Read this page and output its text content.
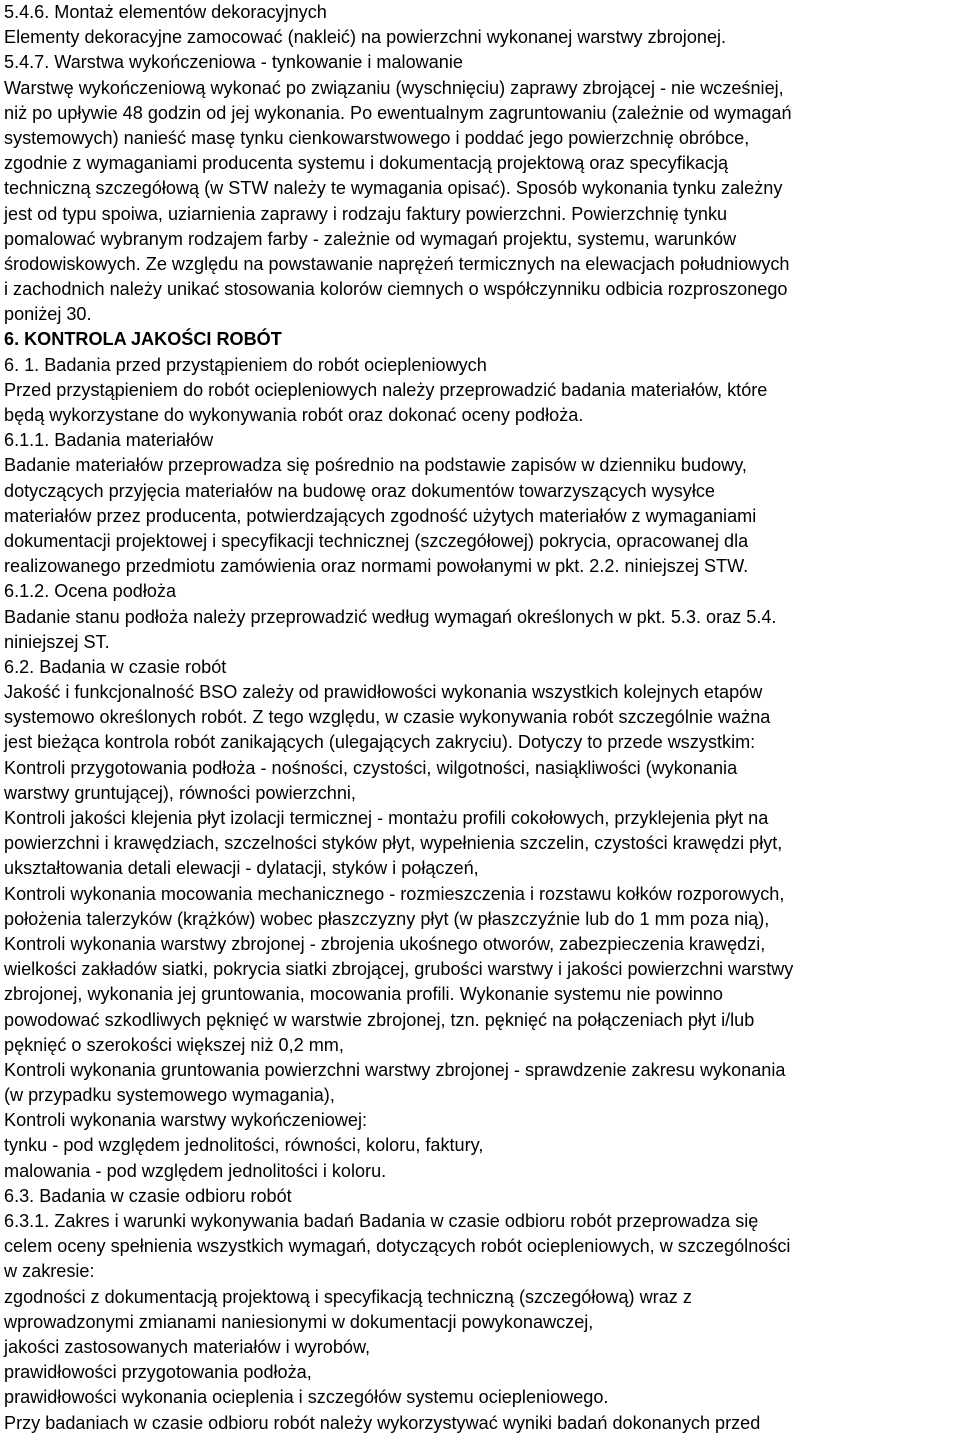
5.4.6. Montaż elementów dekoracyjnych
Elementy dekoracyjne zamocować (nakleić) na powierzchni wykonanej warstwy zbrojonej.
5.4.7. Warstwa wykończeniowa - tynkowanie i malowanie
Warstwę wykończeniową wykonać po związaniu (wyschnięciu) zaprawy zbrojącej - nie wcześniej,
niż po upływie 48 godzin od jej wykonania. Po ewentualnym zagruntowaniu (zależnie od wymagań
systemowych) nanieść masę tynku cienkowarstwowego i poddać jego powierzchnię obróbce,
zgodnie z wymaganiami producenta systemu i dokumentacją projektową oraz specyfikacją
techniczną szczegółową (w STW należy te wymagania opisać). Sposób wykonania tynku zależny
jest od typu spoiwa, uziarnienia zaprawy i rodzaju faktury powierzchni. Powierzchnię tynku
pomalować wybranym rodzajem farby - zależnie od wymagań projektu, systemu, warunków
środowiskowych. Ze względu na powstawanie naprężeń termicznych na elewacjach południowych
i zachodnich należy unikać stosowania kolorów ciemnych o współczynniku odbicia rozproszonego
poniżej 30.
6. KONTROLA JAKOŚCI ROBÓT
6. 1. Badania przed przystąpieniem do robót ociepleniowych
Przed przystąpieniem do robót ociepleniowych należy przeprowadzić badania materiałów, które
będą wykorzystane do wykonywania robót oraz dokonać oceny podłoża.
6.1.1. Badania materiałów
Badanie materiałów przeprowadza się pośrednio na podstawie zapisów w dzienniku budowy,
dotyczących przyjęcia materiałów na budowę oraz dokumentów towarzyszących wysyłce
materiałów przez producenta, potwierdzających zgodność użytych materiałów z wymaganiami
dokumentacji projektowej i specyfikacji technicznej (szczegółowej) pokrycia, opracowanej dla
realizowanego przedmiotu zamówienia oraz normami powołanymi w pkt. 2.2. niniejszej STW.
6.1.2. Ocena podłoża
Badanie stanu podłoża należy przeprowadzić według wymagań określonych w pkt. 5.3. oraz 5.4.
niniejszej ST.
6.2. Badania w czasie robót
Jakość i funkcjonalność BSO zależy od prawidłowości wykonania wszystkich kolejnych etapów
systemowo określonych robót. Z tego względu, w czasie wykonywania robót szczególnie ważna
jest bieżąca kontrola robót zanikających (ulegających zakryciu). Dotyczy to przede wszystkim:
Kontroli przygotowania podłoża - nośności, czystości, wilgotności, nasiąkliwości (wykonania
warstwy gruntującej), równości powierzchni,
Kontroli jakości klejenia płyt izolacji termicznej - montażu profili cokołowych, przyklejenia płyt na
powierzchni i krawędziach, szczelności styków płyt, wypełnienia szczelin, czystości krawędzi płyt,
ukształtowania detali elewacji - dylatacji, styków i połączeń,
Kontroli wykonania mocowania mechanicznego - rozmieszczenia i rozstawu kołków rozporowych,
położenia talerzyków (krążków) wobec płaszczyzny płyt (w płaszczyźnie lub do 1 mm poza nią),
Kontroli wykonania warstwy zbrojonej - zbrojenia ukośnego otworów, zabezpieczenia krawędzi,
wielkości zakładów siatki, pokrycia siatki zbrojącej, grubości warstwy i jakości powierzchni warstwy
zbrojonej, wykonania jej gruntowania, mocowania profili. Wykonanie systemu nie powinno
powodować szkodliwych pęknięć w warstwie zbrojonej, tzn. pęknięć na połączeniach płyt i/lub
pęknięć o szerokości większej niż 0,2 mm,
Kontroli wykonania gruntowania powierzchni warstwy zbrojonej - sprawdzenie zakresu wykonania
(w przypadku systemowego wymagania),
Kontroli wykonania warstwy wykończeniowej:
tynku - pod względem jednolitości, równości, koloru, faktury,
malowania - pod względem jednolitości i koloru.
6.3. Badania w czasie odbioru robót
6.3.1. Zakres i warunki wykonywania badań Badania w czasie odbioru robót przeprowadza się
celem oceny spełnienia wszystkich wymagań, dotyczących robót ociepleniowych, w szczególności
w zakresie:
zgodności z dokumentacją projektową i specyfikacją techniczną (szczegółową) wraz z
wprowadzonymi zmianami naniesionymi w dokumentacji powykonawczej,
jakości zastosowanych materiałów i wyrobów,
prawidłowości przygotowania podłoża,
prawidłowości wykonania ocieplenia i szczegółów systemu ociepleniowego.
Przy badaniach w czasie odbioru robót należy wykorzystywać wyniki badań dokonanych przed
